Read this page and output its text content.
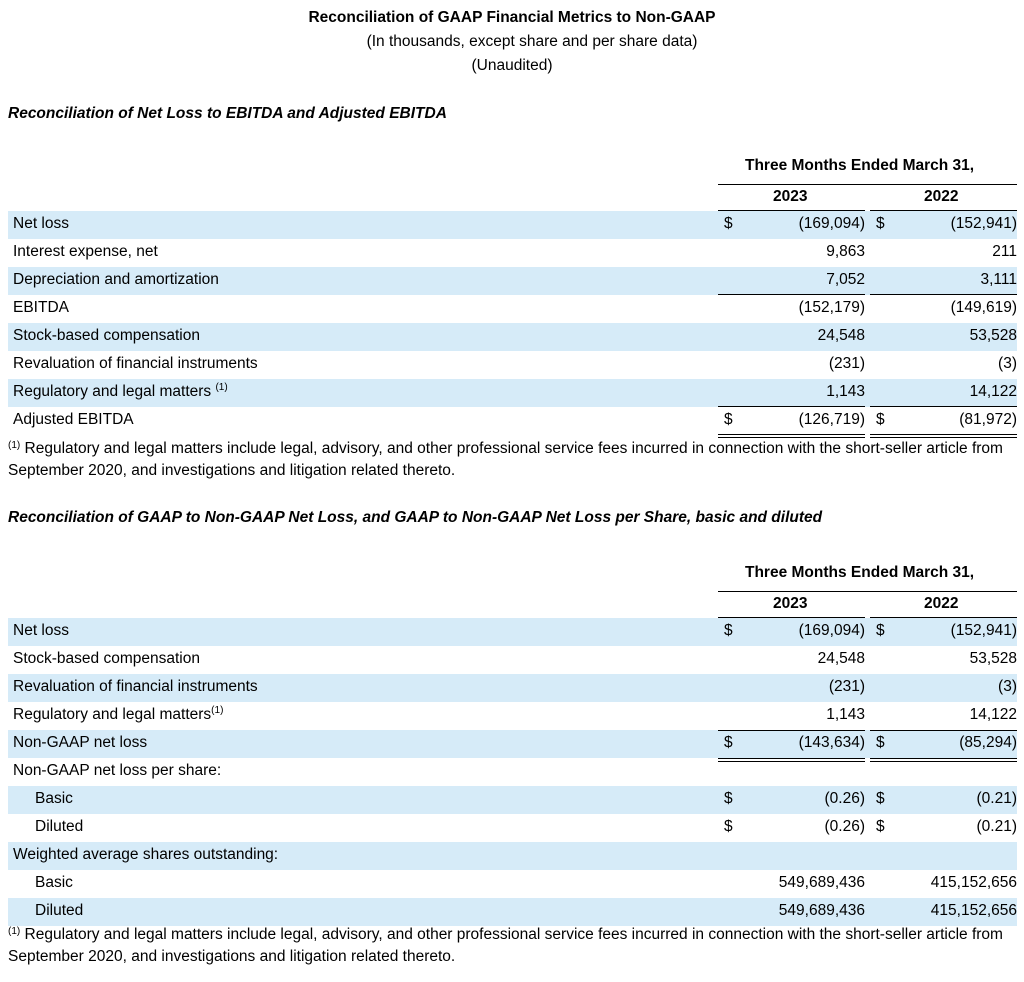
Reconciliation of GAAP Financial Metrics to Non-GAAP
(In thousands, except share and per share data)
(Unaudited)
Reconciliation of Net Loss to EBITDA and Adjusted EBITDA
Three Months Ended March 31,
2023	2022
Net loss	$	(169,094) $	(152,941)
Interest expense, net	9,863	211
Depreciation and amortization	7,052	3,111
EBITDA	(152,179)	(149,619)
Stock-based compensation	24,548	53,528
Revaluation of financial instruments	(231)	(3)
Regulatory and legal matters $^{(1)}$	1,143	14,122
Adjusted EBITDA	$	(126,719) $	(81,972)
$^{(1)}$ Regulatory and legal matters include legal, advisory, and other professional service fees incurred in connection with the short-seller article from September 2020, and investigations and litigation related thereto.
Reconciliation of GAAP to Non-GAAP Net Loss, and GAAP to Non-GAAP Net Loss per Share, basic and diluted
Three Months Ended March 31,
2023	2022
Net loss	$	(169,094) $	(152,941)
Stock-based compensation	24,548	53,528
Revaluation of financial instruments	(231)	(3)
Regulatory and legal matters$^{(1)}$	1,143	14,122
Non-GAAP net loss	$	(143,634) $	(85,294)
Non-GAAP net loss per share:
Basic	$	(0.26) $	(0.21)
Diluted	$	(0.26) $	(0.21)
Weighted average shares outstanding:
Basic	549,689,436	415,152,656
Diluted	549,689,436	415,152,656
$^{(1)}$ Regulatory and legal matters include legal, advisory, and other professional service fees incurred in connection with the short-seller article from September 2020, and investigations and litigation related thereto.
